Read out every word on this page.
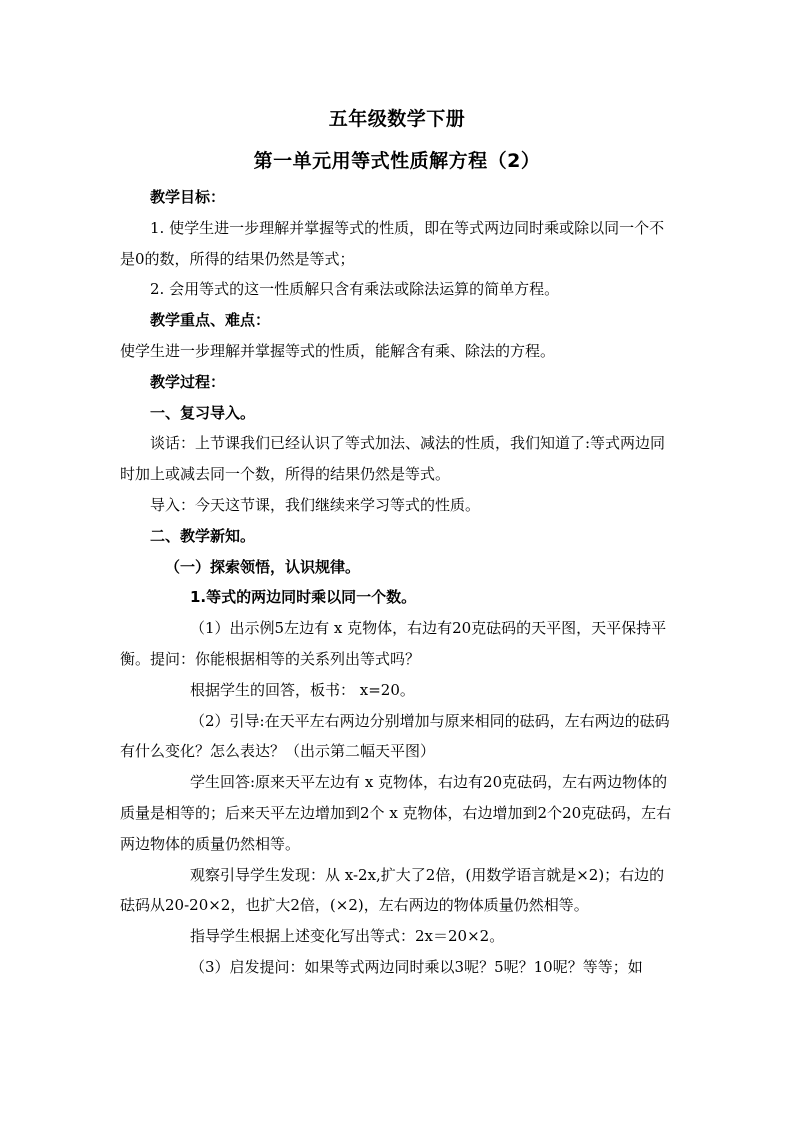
五年级数学下册
第一单元用等式性质解方程（2）

教学目标：

1. 使学生进一步理解并掌握等式的性质，即在等式两边同时乘或除以同一个不是0的数，所得的结果仍然是等式；

2. 会用等式的这一性质解只含有乘法或除法运算的简单方程。

教学重点、难点：

使学生进一步理解并掌握等式的性质，能解含有乘、除法的方程。

教学过程：

一、复习导入。

谈话：上节课我们已经认识了等式加法、减法的性质，我们知道了:等式两边同时加上或减去同一个数，所得的结果仍然是等式。

导入：今天这节课，我们继续来学习等式的性质。

二、教学新知。

（一）探索领悟，认识规律。

1.等式的两边同时乘以同一个数。

（1）出示例5左边有 x 克物体，右边有20克砝码的天平图，天平保持平衡。提问：你能根据相等的关系列出等式吗？

根据学生的回答，板书： x=20。

（2）引导:在天平左右两边分别增加与原来相同的砝码，左右两边的砝码有什么变化？怎么表达？（出示第二幅天平图）

学生回答:原来天平左边有 x 克物体，右边有20克砝码，左右两边物体的质量是相等的；后来天平左边增加到2个 x 克物体，右边增加到2个20克砝码，左右两边物体的质量仍然相等。

观察引导学生发现：从 x-2x,扩大了2倍，(用数学语言就是×2)；右边的砝码从20-20×2，也扩大2倍，(×2)，左右两边的物体质量仍然相等。

指导学生根据上述变化写出等式：2x＝20×2。

（3）启发提问：如果等式两边同时乘以3呢？5呢？10呢？等等；如
